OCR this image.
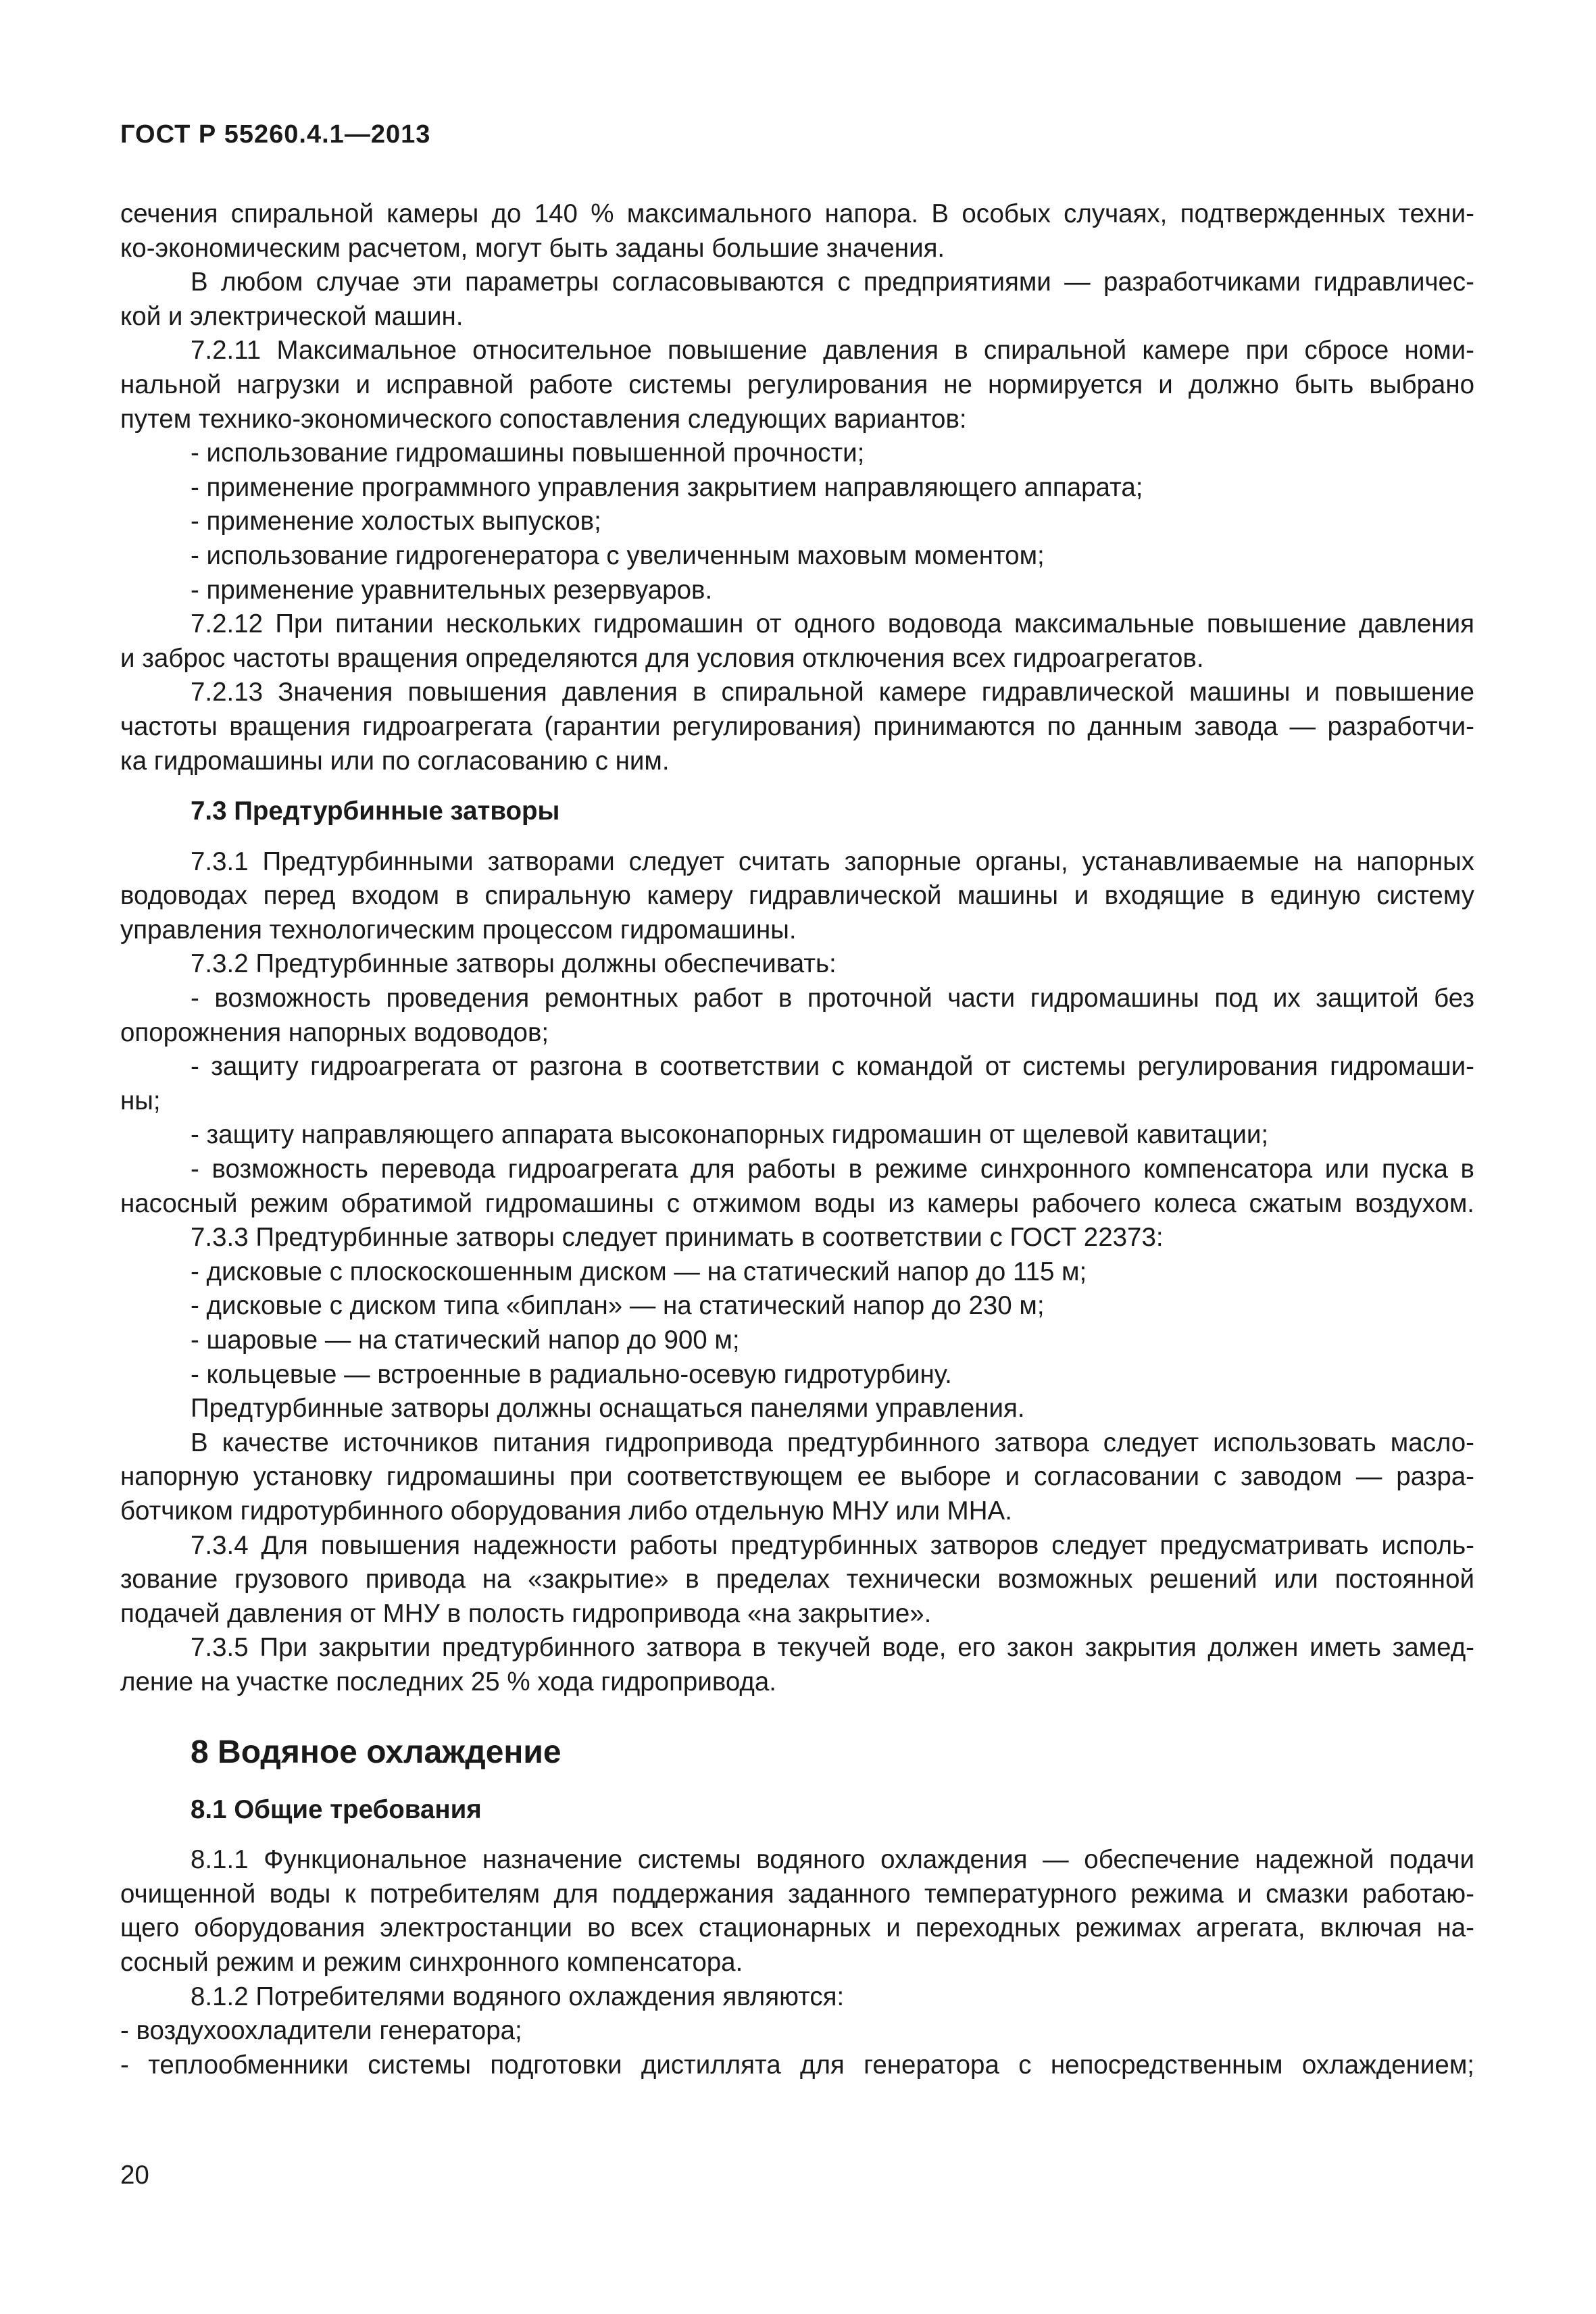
ГОСТ Р 55260.4.1—2013
сечения спиральной камеры до 140 % максимального напора. В особых случаях, подтвержденных техни-
ко-экономическим расчетом, могут быть заданы большие значения.
В любом случае эти параметры согласовываются с предприятиями — разработчиками гидравличес-
кой и электрической машин.
7.2.11 Максимальное относительное повышение давления в спиральной камере при сбросе номи-
нальной нагрузки и исправной работе системы регулирования не нормируется и должно быть выбрано
путем технико-экономического сопоставления следующих вариантов:
- использование гидромашины повышенной прочности;
- применение программного управления закрытием направляющего аппарата;
- применение холостых выпусков;
- использование гидрогенератора с увеличенным маховым моментом;
- применение уравнительных резервуаров.
7.2.12 При питании нескольких гидромашин от одного водовода максимальные повышение давления
и заброс частоты вращения определяются для условия отключения всех гидроагрегатов.
7.2.13 Значения повышения давления в спиральной камере гидравлической машины и повышение
частоты вращения гидроагрегата (гарантии регулирования) принимаются по данным завода — разработчи-
ка гидромашины или по согласованию с ним.
7.3 Предтурбинные затворы
7.3.1 Предтурбинными затворами следует считать запорные органы, устанавливаемые на напорных
водоводах перед входом в спиральную камеру гидравлической машины и входящие в единую систему
управления технологическим процессом гидромашины.
7.3.2 Предтурбинные затворы должны обеспечивать:
- возможность проведения ремонтных работ в проточной части гидромашины под их защитой без
опорожнения напорных водоводов;
- защиту гидроагрегата от разгона в соответствии с командой от системы регулирования гидромаши-
ны;
- защиту направляющего аппарата высоконапорных гидромашин от щелевой кавитации;
- возможность перевода гидроагрегата для работы в режиме синхронного компенсатора или пуска в
насосный режим обратимой гидромашины с отжимом воды из камеры рабочего колеса сжатым воздухом.
7.3.3 Предтурбинные затворы следует принимать в соответствии с ГОСТ 22373:
- дисковые с плоскоскошенным диском — на статический напор до 115 м;
- дисковые с диском типа «биплан» — на статический напор до 230 м;
- шаровые — на статический напор до 900 м;
- кольцевые — встроенные в радиально-осевую гидротурбину.
Предтурбинные затворы должны оснащаться панелями управления.
В качестве источников питания гидропривода предтурбинного затвора следует использовать масло-
напорную установку гидромашины при соответствующем ее выборе и согласовании с заводом — разра-
ботчиком гидротурбинного оборудования либо отдельную МНУ или МНА.
7.3.4 Для повышения надежности работы предтурбинных затворов следует предусматривать исполь-
зование грузового привода на «закрытие» в пределах технически возможных решений или постоянной
подачей давления от МНУ в полость гидропривода «на закрытие».
7.3.5 При закрытии предтурбинного затвора в текучей воде, его закон закрытия должен иметь замед-
ление на участке последних 25 % хода гидропривода.
8 Водяное охлаждение
8.1 Общие требования
8.1.1 Функциональное назначение системы водяного охлаждения — обеспечение надежной подачи
очищенной воды к потребителям для поддержания заданного температурного режима и смазки работаю-
щего оборудования электростанции во всех стационарных и переходных режимах агрегата, включая на-
сосный режим и режим синхронного компенсатора.
8.1.2 Потребителями водяного охлаждения являются:
- воздухоохладители генератора;
- теплообменники системы подготовки дистиллята для генератора с непосредственным охлаждением;
20
